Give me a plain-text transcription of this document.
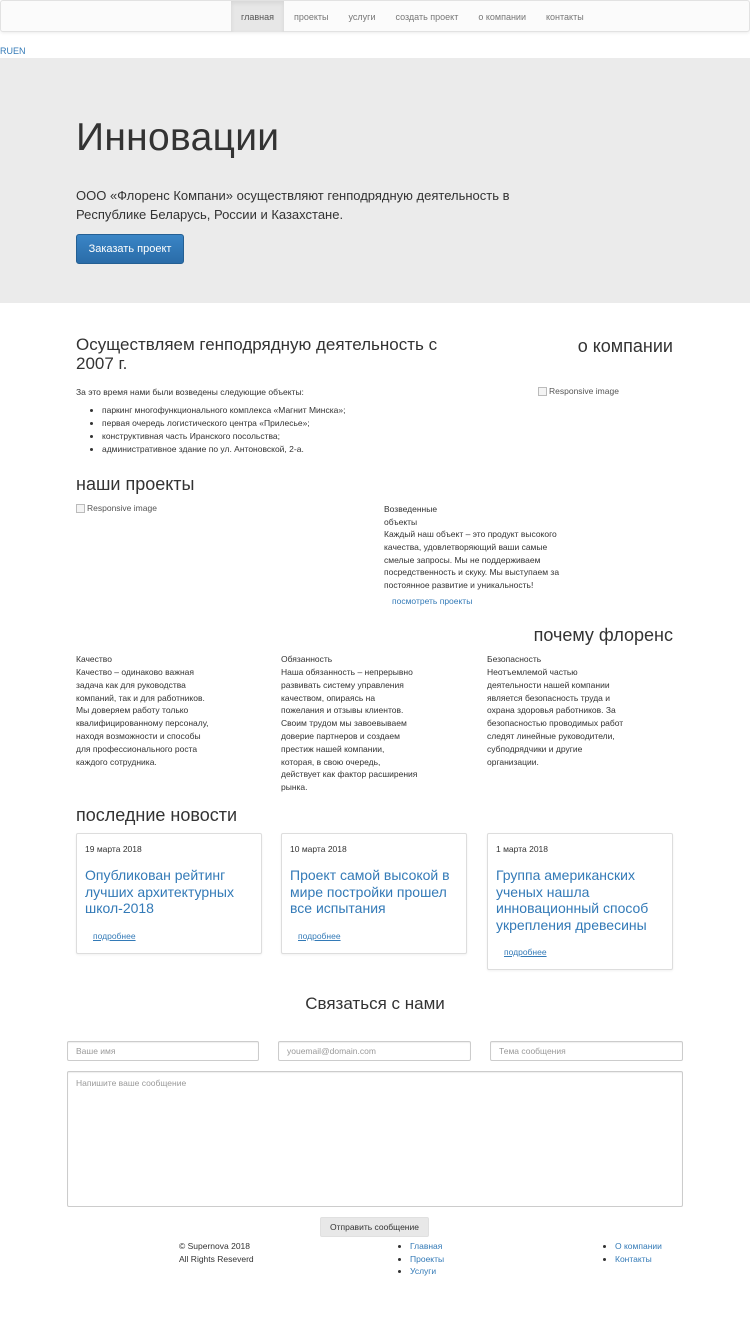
главная	проекты	услуги	создать проект	о компании	контакты
RUEN
Инновации

ООО «Флоренс Компани» осуществляют генподрядную деятельность в Республике Беларусь, России и Казахстане.

Заказать проект
Осуществляем генподрядную деятельность с 2007 г.
о компании

За это время нами были возведены следующие объекты:

• паркинг многофункционального комплекса «Магнит Минска»;
• первая очередь логистического центра «Прилесье»;
• конструктивная часть Иранского посольства;
• административное здание по ул. Антоновской, 2-а.
Responsive image
наши проекты
Responsive image	Возведенные объекты

Каждый наш объект – это продукт высокого качества, удовлетворяющий ваши самые смелые запросы. Мы не поддерживаем посредственность и скуку. Мы выступаем за постоянное развитие и уникальность!

посмотреть проекты
почему флоренс

Качество

Качество – одинаково важная задача как для руководства компаний, так и для работников. Мы доверяем работу только квалифицированному персоналу, находя возможности и способы для профессионального роста каждого сотрудника.

Обязанность

Наша обязанность – непрерывно развивать систему управления качеством, опираясь на пожелания и отзывы клиентов. Своим трудом мы завоевываем доверие партнеров и создаем престиж нашей компании, которая, в свою очередь, действует как фактор расширения рынка.

Безопасность

Неотъемлемой частью деятельности нашей компании является безопасность труда и охрана здоровья работников. За безопасностью проводимых работ следят линейные руководители, субподрядчики и другие организации.

последние новости
19 марта 2018
Опубликован рейтинг лучших архитектурных школ-2018
подробнее
10 марта 2018
Проект самой высокой в мире постройки прошел все испытания
подробнее
1 марта 2018
Группа американских ученых нашла инновационный способ укрепления древесины
подробнее
Связаться с нами
Ваше имя	youemail@domain.com	Тема сообщения
Напишите ваше сообщение
Отправить сообщение
© Supernova 2018
All Rights Reseverd
• Главная
• Проекты
• Услуги
• О компании
• Контакты
